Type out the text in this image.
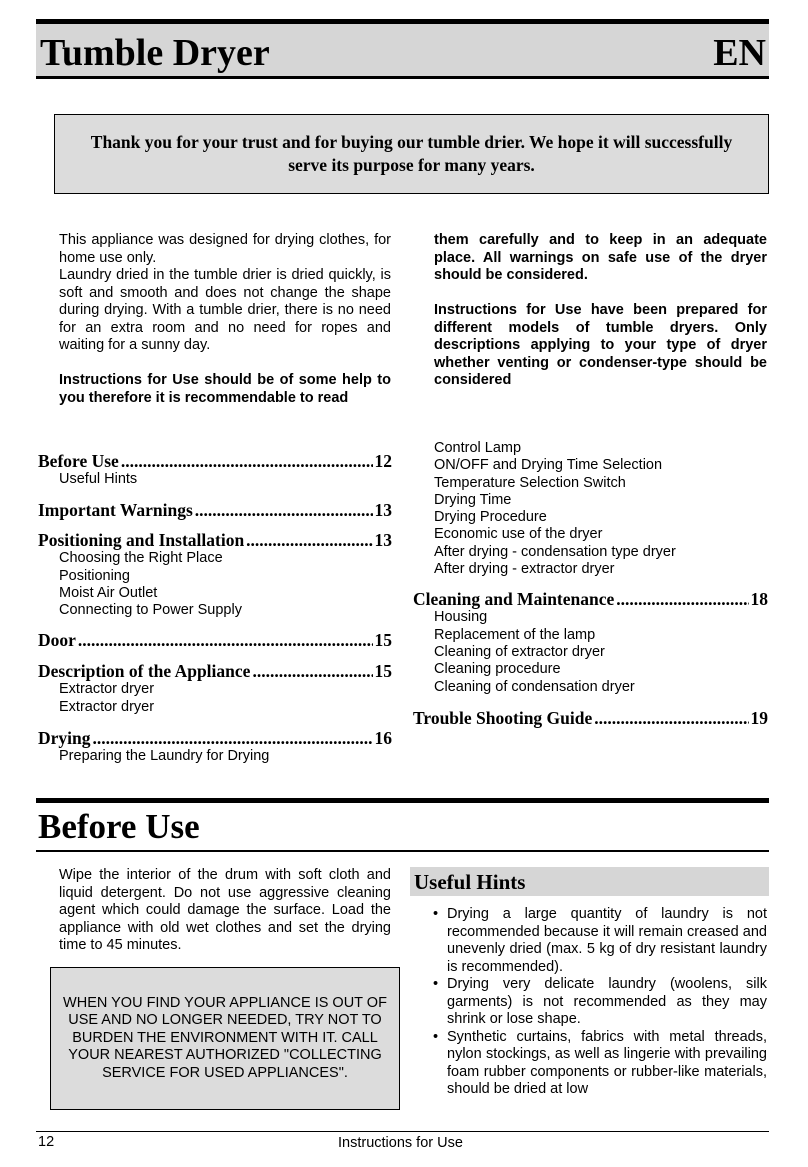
Tumble Dryer	EN
Thank you for your trust and for buying our tumble drier. We hope it will successfully serve its purpose for many years.

This appliance was designed for drying clothes, for home use only.

Laundry dried in the tumble drier is dried quickly, is soft and smooth and does not change the shape during drying. With a tumble drier, there is no need for an extra room and no need for ropes and waiting for a sunny day.

Instructions for Use should be of some help to you therefore it is recommendable to read

them carefully and to keep in an adequate place. All warnings on safe use of the dryer should be considered.

Instructions for Use have been prepared for different models of tumble dryers. Only descriptions applying to your type of dryer whether venting or condenser-type should be considered

Before Use .....	12
Useful Hints
Important Warnings .....	13
Positioning and Installation .....	13
Choosing the Right Place
Positioning
Moist Air Outlet
Connecting to Power Supply
Door .....	15
Description of the Appliance .....	15
Extractor dryer
Extractor dryer
Drying .....	16
Preparing the Laundry for Drying
Control Lamp
ON/OFF and Drying Time Selection
Temperature Selection Switch
Drying Time
Drying Procedure
Economic use of the dryer
After drying - condensation type dryer
After drying - extractor dryer
Cleaning and Maintenance .....	18
Housing
Replacement of the lamp
Cleaning of extractor dryer
Cleaning procedure
Cleaning of condensation dryer
Trouble Shooting Guide .....	19
Before Use
Wipe the interior of the drum with soft cloth and liquid detergent. Do not use aggressive cleaning agent which could damage the surface. Load the appliance with old wet clothes and set the drying time to 45 minutes.
WHEN YOU FIND YOUR APPLIANCE IS OUT OF USE AND NO LONGER NEEDED, TRY NOT TO BURDEN THE ENVIRONMENT WITH IT. CALL YOUR NEAREST AUTHORIZED "COLLECTING SERVICE FOR USED APPLIANCES".
Useful Hints
• Drying a large quantity of laundry is not recommended because it will remain creased and unevenly dried (max. 5 kg of dry resistant laundry is recommended).
• Drying very delicate laundry (woolens, silk garments) is not recommended as they may shrink or lose shape.
• Synthetic curtains, fabrics with metal threads, nylon stockings, as well as lingerie with prevailing foam rubber components or rubber-like materials, should be dried at low
12	Instructions for Use
